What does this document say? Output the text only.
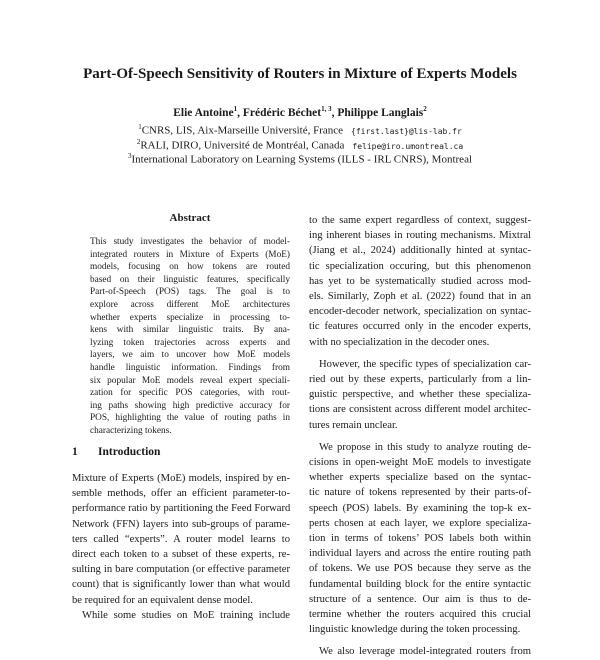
Part-Of-Speech Sensitivity of Routers in Mixture of Experts Models
Elie Antoine$^1$, Frédéric Béchet$^{1, 3}$, Philippe Langlais$^2$
$^1$CNRS, LIS, Aix-Marseille Université, France {first.last}@lis-lab.fr
$^2$RALI, DIRO, Université de Montréal, Canada felipe@iro.umontreal.ca
$^3$International Laboratory on Learning Systems (ILLS - IRL CNRS), Montreal
Abstract
This study investigates the behavior of model-
integrated routers in Mixture of Experts (MoE)
models, focusing on how tokens are routed
based on their linguistic features, specifically
Part-of-Speech (POS) tags. The goal is to
explore across different MoE architectures
whether experts specialize in processing to-
kens with similar linguistic traits. By ana-
lyzing token trajectories across experts and
layers, we aim to uncover how MoE models
handle linguistic information. Findings from
six popular MoE models reveal expert speciali-
zation for specific POS categories, with rout-
ing paths showing high predictive accuracy for
POS, highlighting the value of routing paths in
characterizing tokens.
1 Introduction
Mixture of Experts (MoE) models, inspired by en-
semble methods, offer an efficient parameter-to-
performance ratio by partitioning the Feed Forward
Network (FFN) layers into sub-groups of parame-
ters called “experts”. A router model learns to
direct each token to a subset of these experts, re-
sulting in bare computation (or effective parameter
count) that is significantly lower than what would
be required for an equivalent dense model.
While some studies on MoE training include
to the same expert regardless of context, suggest-
ing inherent biases in routing mechanisms. Mixtral
(Jiang et al., 2024) additionally hinted at syntac-
tic specialization occuring, but this phenomenon
has yet to be systematically studied across mod-
els. Similarly, Zoph et al. (2022) found that in an
encoder-decoder network, specialization on syntac-
tic features occurred only in the encoder experts,
with no specialization in the decoder ones.
However, the specific types of specialization car-
ried out by these experts, particularly from a lin-
guistic perspective, and whether these specializa-
tions are consistent across different model architec-
tures remain unclear.
We propose in this study to analyze routing de-
cisions in open-weight MoE models to investigate
whether experts specialize based on the syntac-
tic nature of tokens represented by their parts-of-
speech (POS) labels. By examining the top-k ex-
perts chosen at each layer, we explore specializa-
tion in terms of tokens’ POS labels both within
individual layers and across the entire routing path
of tokens. We use POS because they serve as the
fundamental building block for the entire syntactic
structure of a sentence. Our aim is thus to de-
termine whether the routers acquired this crucial
linguistic knowledge during the token processing.
We also leverage model-integrated routers from
